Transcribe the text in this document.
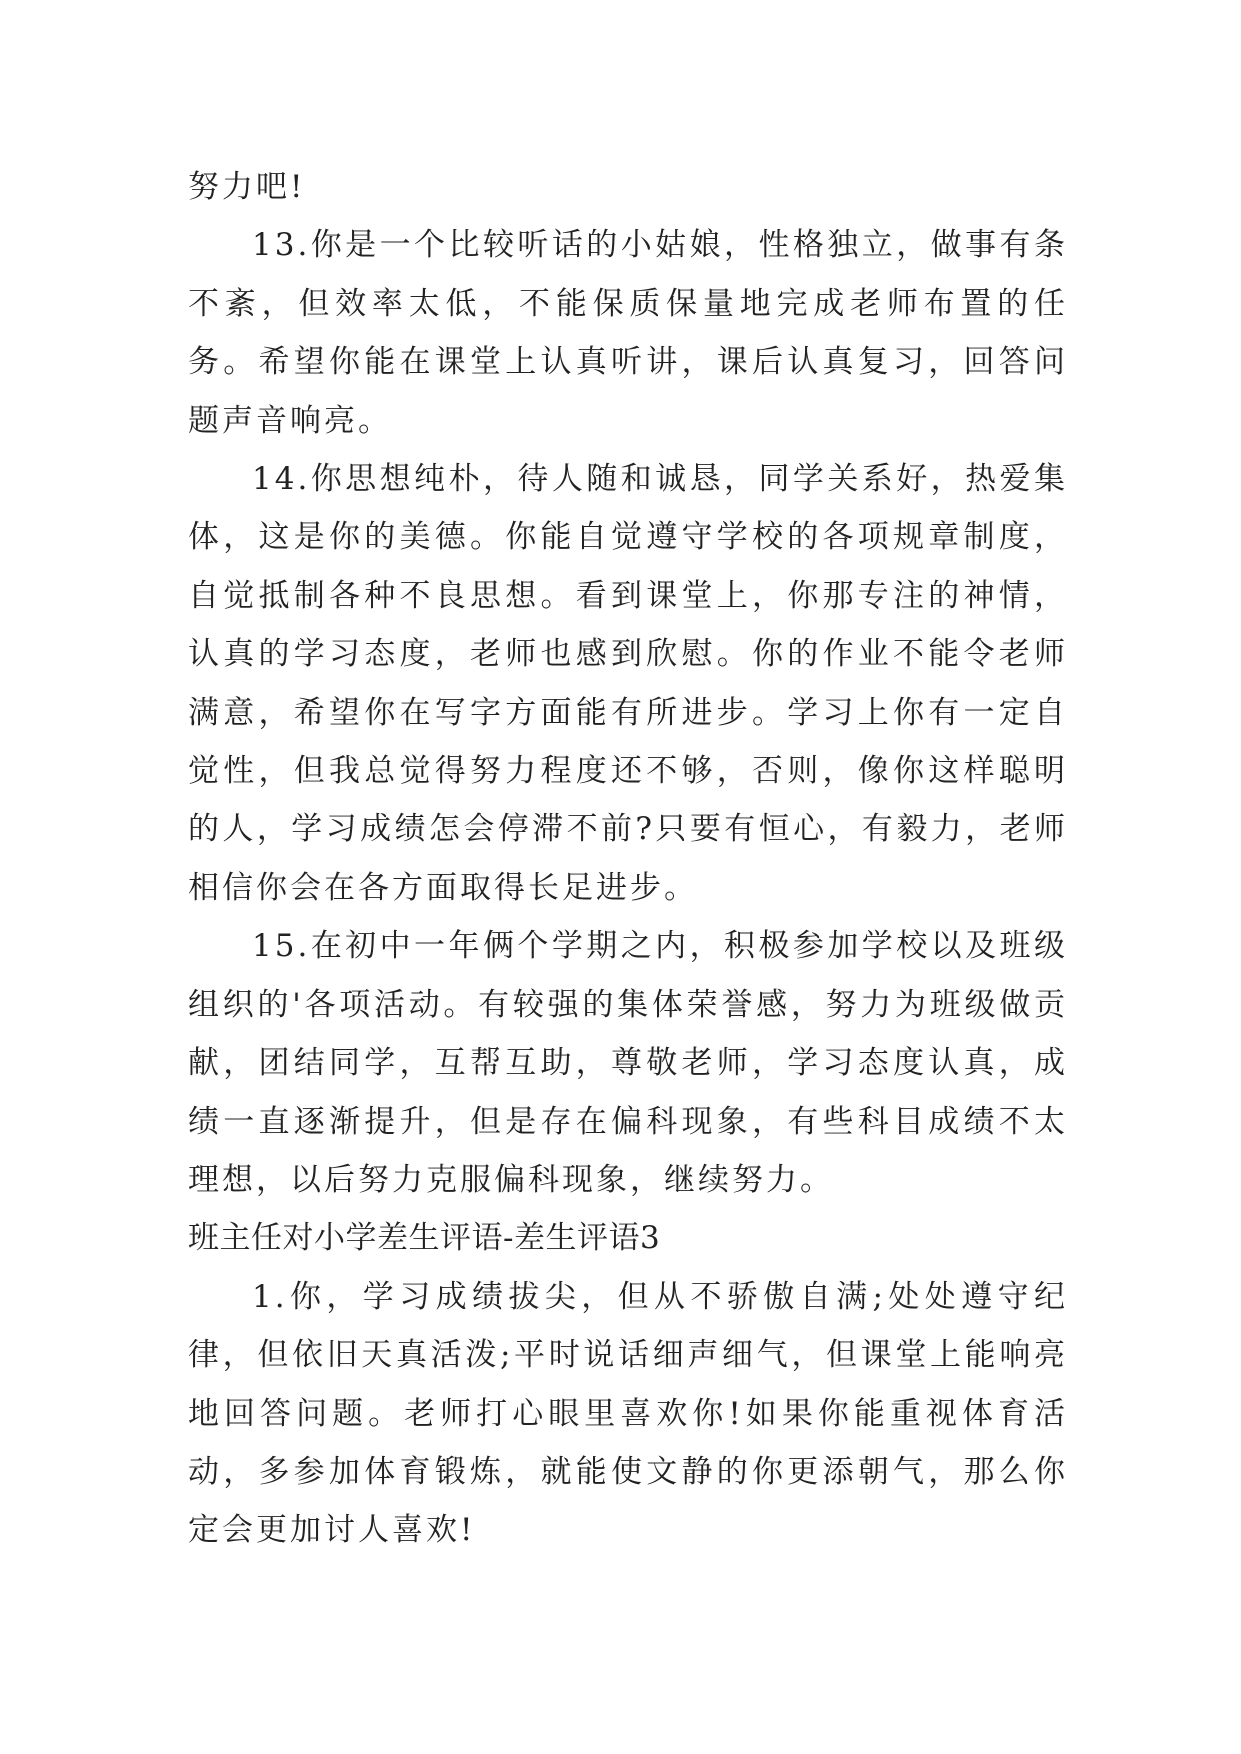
努力吧!

13.你是一个比较听话的小姑娘，性格独立，做事有条不紊，但效率太低，不能保质保量地完成老师布置的任务。希望你能在课堂上认真听讲，课后认真复习，回答问题声音响亮。

14.你思想纯朴，待人随和诚恳，同学关系好，热爱集体，这是你的美德。你能自觉遵守学校的各项规章制度，自觉抵制各种不良思想。看到课堂上，你那专注的神情，认真的学习态度，老师也感到欣慰。你的作业不能令老师满意，希望你在写字方面能有所进步。学习上你有一定自觉性，但我总觉得努力程度还不够，否则，像你这样聪明的人，学习成绩怎会停滞不前?只要有恒心，有毅力，老师相信你会在各方面取得长足进步。

15.在初中一年俩个学期之内，积极参加学校以及班级组织的'各项活动。有较强的集体荣誉感，努力为班级做贡献，团结同学，互帮互助，尊敬老师，学习态度认真，成绩一直逐渐提升，但是存在偏科现象，有些科目成绩不太理想，以后努力克服偏科现象，继续努力。

班主任对小学差生评语-差生评语3

1.你，学习成绩拔尖，但从不骄傲自满;处处遵守纪律，但依旧天真活泼;平时说话细声细气，但课堂上能响亮地回答问题。老师打心眼里喜欢你!如果你能重视体育活动，多参加体育锻炼，就能使文静的你更添朝气，那么你定会更加讨人喜欢!
